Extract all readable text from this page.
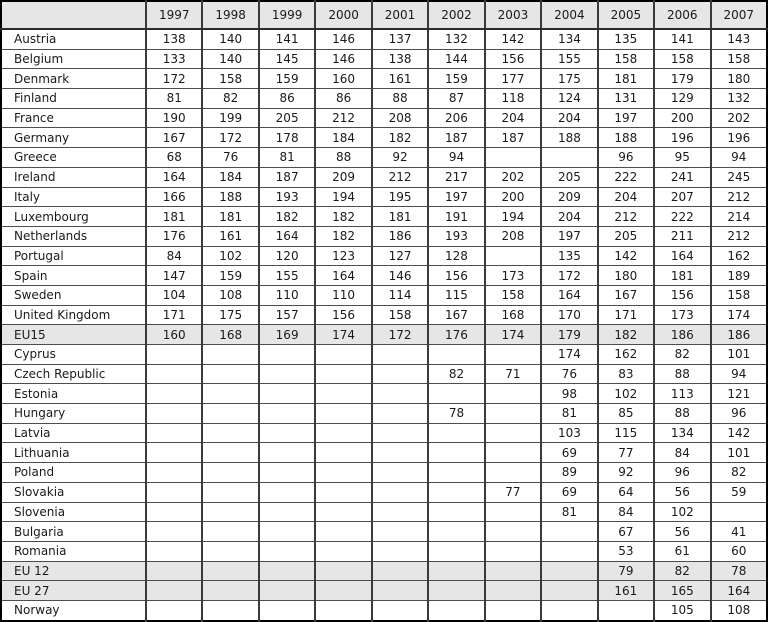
	1997	1998	1999	2000	2001	2002	2003	2004	2005	2006	2007
Austria	138	140	141	146	137	132	142	134	135	141	143
Belgium	133	140	145	146	138	144	156	155	158	158	158
Denmark	172	158	159	160	161	159	177	175	181	179	180
Finland	81	82	86	86	88	87	118	124	131	129	132
France	190	199	205	212	208	206	204	204	197	200	202
Germany	167	172	178	184	182	187	187	188	188	196	196
Greece	68	76	81	88	92	94			96	95	94
Ireland	164	184	187	209	212	217	202	205	222	241	245
Italy	166	188	193	194	195	197	200	209	204	207	212
Luxembourg	181	181	182	182	181	191	194	204	212	222	214
Netherlands	176	161	164	182	186	193	208	197	205	211	212
Portugal	84	102	120	123	127	128		135	142	164	162
Spain	147	159	155	164	146	156	173	172	180	181	189
Sweden	104	108	110	110	114	115	158	164	167	156	158
United Kingdom	171	175	157	156	158	167	168	170	171	173	174
EU15	160	168	169	174	172	176	174	179	182	186	186
Cyprus								174	162	82	101
Czech Republic						82	71	76	83	88	94
Estonia								98	102	113	121
Hungary						78		81	85	88	96
Latvia								103	115	134	142
Lithuania								69	77	84	101
Poland								89	92	96	82
Slovakia							77	69	64	56	59
Slovenia								81	84	102	
Bulgaria									67	56	41
Romania									53	61	60
EU 12									79	82	78
EU 27									161	165	164
Norway										105	108
